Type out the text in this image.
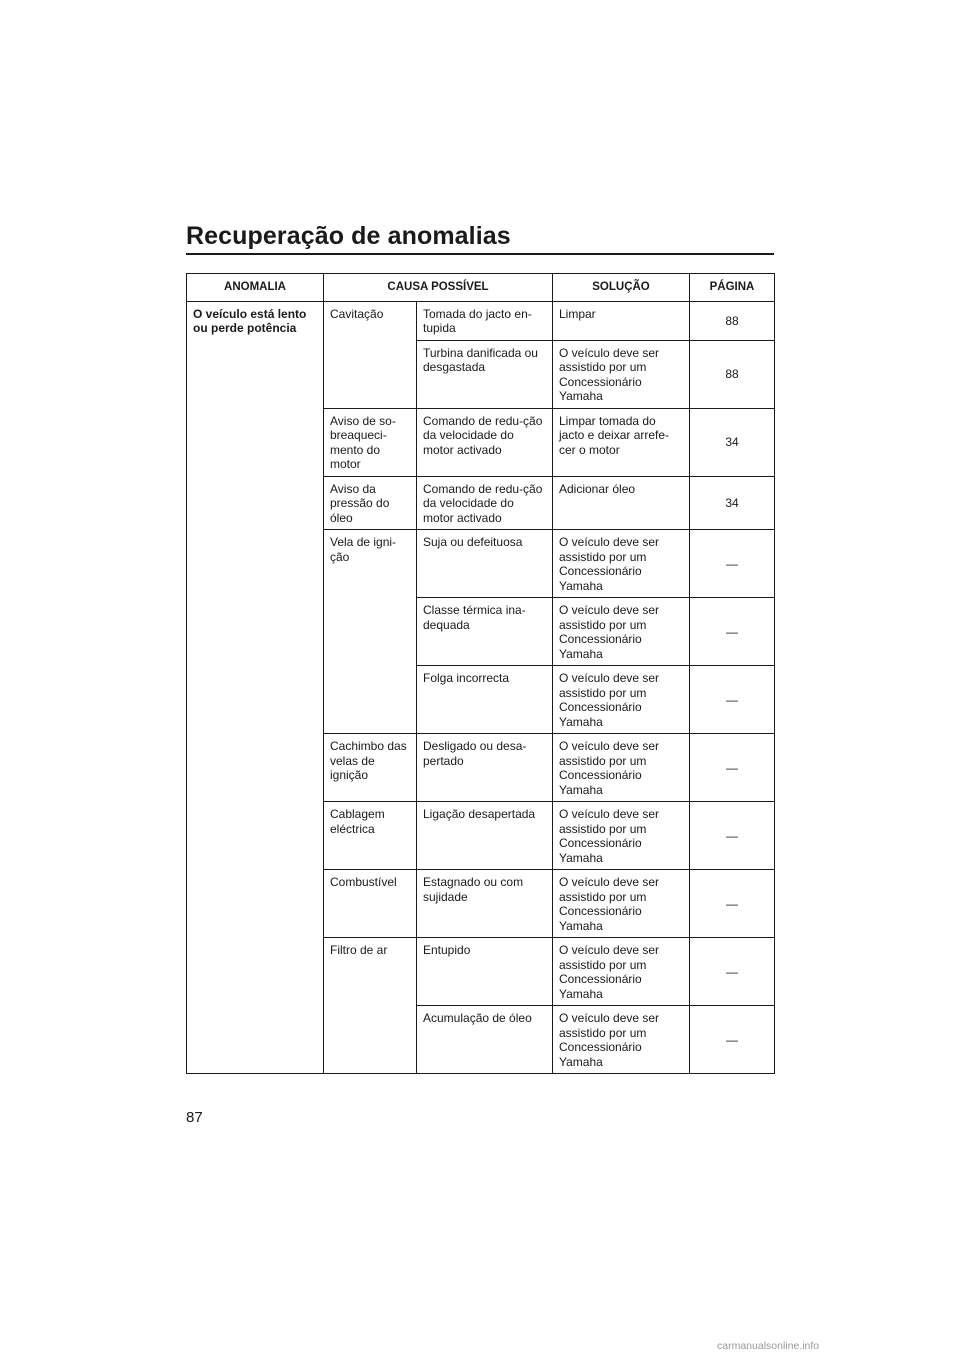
Recuperação de anomalias
ANOMALIA	CAUSA POSSÍVEL		SOLUÇÃO	PÁGINA
O veículo está lento ou perde potência	Cavitação	Tomada do jacto en-tupida	Limpar	88
		Turbina danificada ou desgastada	O veículo deve ser assistido por um Concessionário Yamaha	88
	Aviso de so-breaqueci-mento do motor	Comando de redu-ção da velocidade do motor activado	Limpar tomada do jacto e deixar arrefe-cer o motor	34
	Aviso da pressão do óleo	Comando de redu-ção da velocidade do motor activado	Adicionar óleo	34
	Vela de igni-ção	Suja ou defeituosa	O veículo deve ser assistido por um Concessionário Yamaha	—
		Classe térmica ina-dequada	O veículo deve ser assistido por um Concessionário Yamaha	—
		Folga incorrecta	O veículo deve ser assistido por um Concessionário Yamaha	—
	Cachimbo das velas de ignição	Desligado ou desa-pertado	O veículo deve ser assistido por um Concessionário Yamaha	—
	Cablagem eléctrica	Ligação desapertada	O veículo deve ser assistido por um Concessionário Yamaha	—
	Combustível	Estagnado ou com sujidade	O veículo deve ser assistido por um Concessionário Yamaha	—
	Filtro de ar	Entupido	O veículo deve ser assistido por um Concessionário Yamaha	—
		Acumulação de óleo	O veículo deve ser assistido por um Concessionário Yamaha	—
87
carmanualsonline.info
